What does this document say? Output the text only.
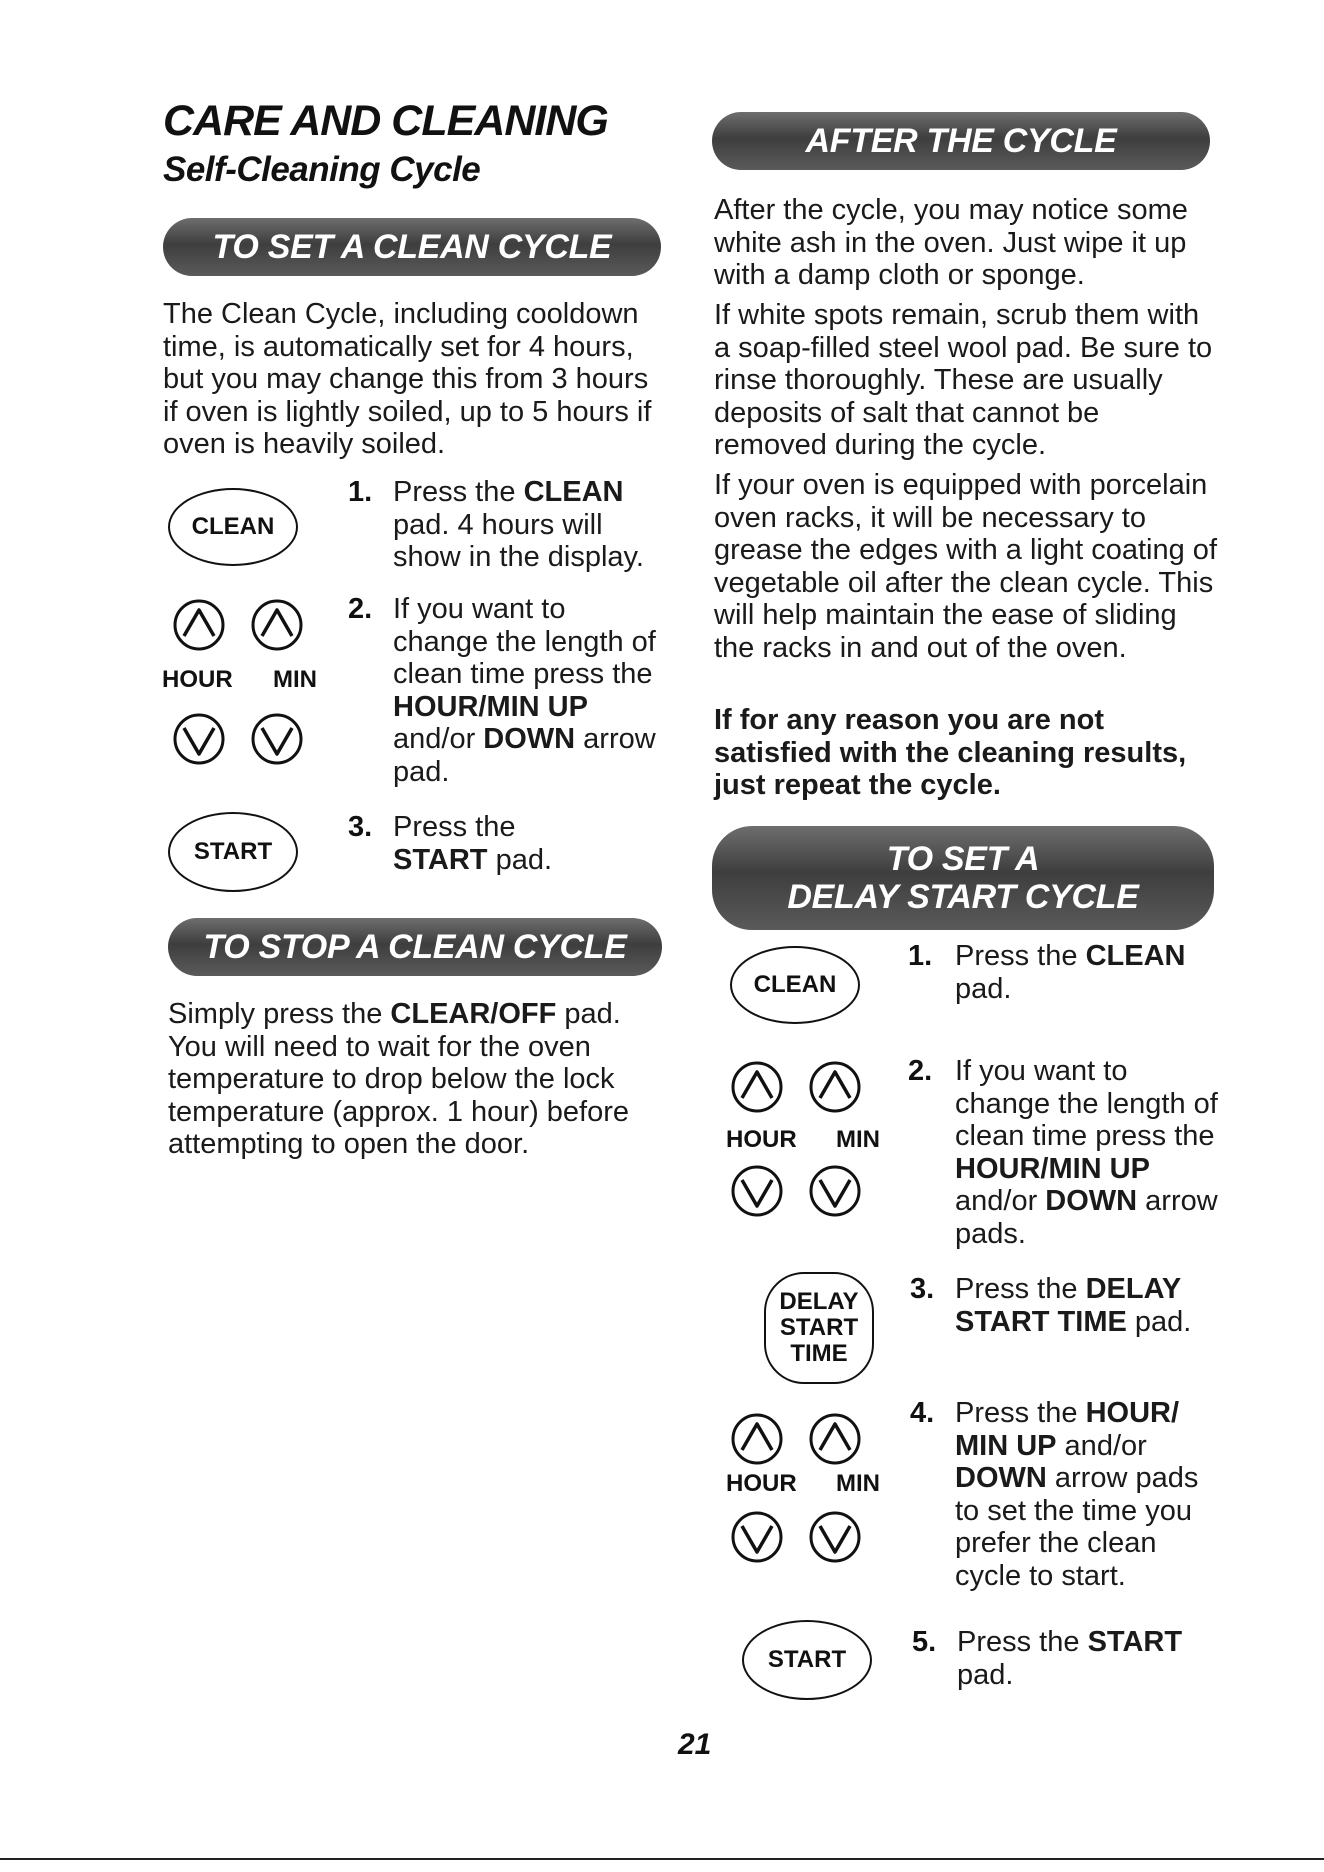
CARE AND CLEANING
Self-Cleaning Cycle
TO SET A CLEAN CYCLE
The Clean Cycle, including cooldown time, is automatically set for 4 hours, but you may change this from 3 hours if oven is lightly soiled, up to 5 hours if oven is heavily soiled.
CLEAN
1. Press the CLEAN pad. 4 hours will show in the display.
HOUR MIN
2. If you want to change the length of clean time press the HOUR/MIN UP and/or DOWN arrow pad.
START
3. Press the
START pad.
TO STOP A CLEAN CYCLE
Simply press the CLEAR/OFF pad. You will need to wait for the oven temperature to drop below the lock temperature (approx. 1 hour) before attempting to open the door.
AFTER THE CYCLE
After the cycle, you may notice some white ash in the oven. Just wipe it up with a damp cloth or sponge.
If white spots remain, scrub them with a soap-filled steel wool pad. Be sure to rinse thoroughly. These are usually deposits of salt that cannot be removed during the cycle.
If your oven is equipped with porcelain oven racks, it will be necessary to grease the edges with a light coating of vegetable oil after the clean cycle. This will help maintain the ease of sliding the racks in and out of the oven.
If for any reason you are not satisfied with the cleaning results, just repeat the cycle.
TO SET A
DELAY START CYCLE
CLEAN
1. Press the CLEAN pad.
HOUR MIN
2. If you want to change the length of clean time press the HOUR/MIN UP and/or DOWN arrow pads.
DELAY
START
TIME
3. Press the DELAY START TIME pad.
HOUR MIN
4. Press the HOUR/ MIN UP and/or DOWN arrow pads to set the time you prefer the clean cycle to start.
START
5. Press the START pad.
21
